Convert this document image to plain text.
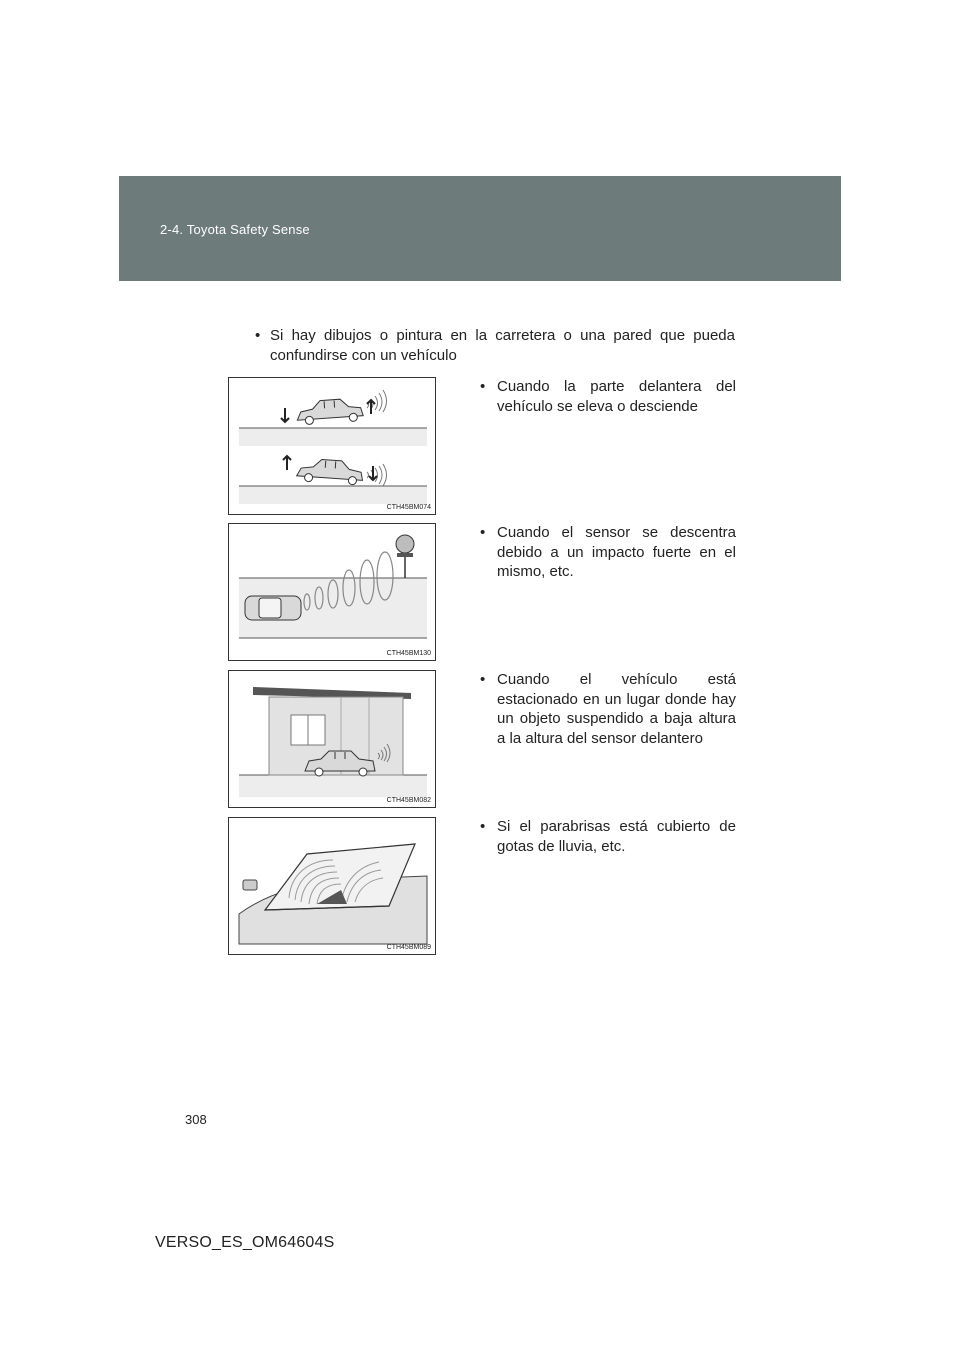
2-4. Toyota Safety Sense
• Si hay dibujos o pintura en la carretera o una pared que pueda confundirse con un vehículo
CTH45BM074
• Cuando la parte delantera del vehículo se eleva o desciende
CTH45BM130
• Cuando el sensor se descentra debido a un impacto fuerte en el mismo, etc.
CTH45BM082
• Cuando el vehículo está estacionado en un lugar donde hay un objeto suspendido a baja altura a la altura del sensor delantero
CTH45BM089
• Si el parabrisas está cubierto de gotas de lluvia, etc.
308
VERSO_ES_OM64604S
